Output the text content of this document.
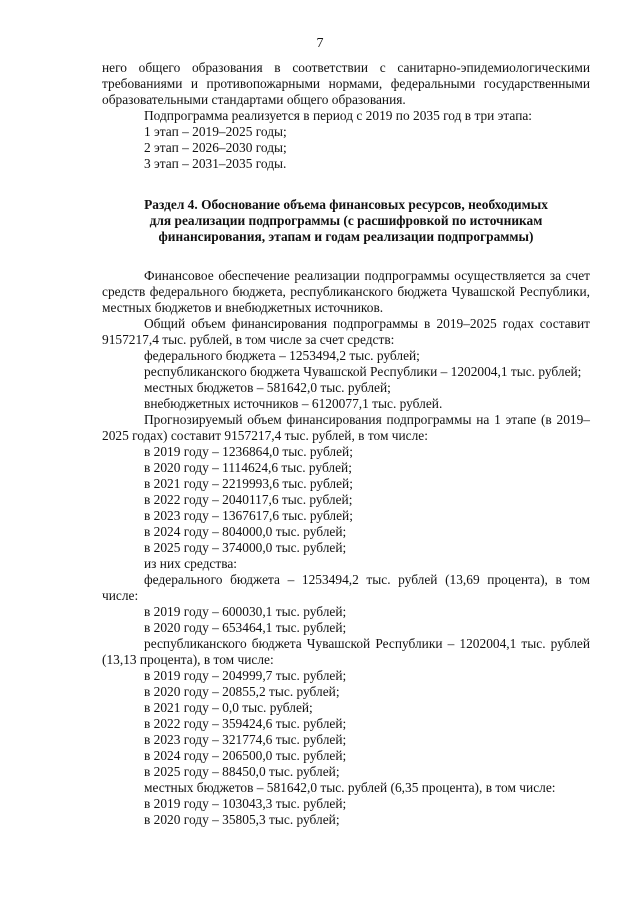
7

него общего образования в соответствии с санитарно-эпидемиологическими требованиями и противопожарными нормами, федеральными государственными образовательными стандартами общего образования.

Подпрограмма реализуется в период с 2019 по 2035 год в три этапа:

1 этап – 2019–2025 годы;

2 этап – 2026–2030 годы;

3 этап – 2031–2035 годы.

Раздел 4. Обоснование объема финансовых ресурсов, необходимых
для реализации подпрограммы (с расшифровкой по источникам
финансирования, этапам и годам реализации подпрограммы)

Финансовое обеспечение реализации подпрограммы осуществляется за счет средств федерального бюджета, республиканского бюджета Чувашской Республики, местных бюджетов и внебюджетных источников.

Общий объем финансирования подпрограммы в 2019–2025 годах составит 9157217,4 тыс. рублей, в том числе за счет средств:

федерального бюджета – 1253494,2 тыс. рублей;

республиканского бюджета Чувашской Республики – 1202004,1 тыс. рублей;

местных бюджетов – 581642,0 тыс. рублей;

внебюджетных источников – 6120077,1 тыс. рублей.

Прогнозируемый объем финансирования подпрограммы на 1 этапе (в 2019–2025 годах) составит 9157217,4 тыс. рублей, в том числе:

в 2019 году – 1236864,0 тыс. рублей;

в 2020 году – 1114624,6 тыс. рублей;

в 2021 году – 2219993,6 тыс. рублей;

в 2022 году – 2040117,6 тыс. рублей;

в 2023 году – 1367617,6 тыс. рублей;

в 2024 году – 804000,0 тыс. рублей;

в 2025 году – 374000,0 тыс. рублей;

из них средства:

федерального бюджета – 1253494,2 тыс. рублей (13,69 процента), в том числе:

в 2019 году – 600030,1 тыс. рублей;

в 2020 году – 653464,1 тыс. рублей;

республиканского бюджета Чувашской Республики – 1202004,1 тыс. рублей (13,13 процента), в том числе:

в 2019 году – 204999,7 тыс. рублей;

в 2020 году – 20855,2 тыс. рублей;

в 2021 году – 0,0 тыс. рублей;

в 2022 году – 359424,6 тыс. рублей;

в 2023 году – 321774,6 тыс. рублей;

в 2024 году – 206500,0 тыс. рублей;

в 2025 году – 88450,0 тыс. рублей;

местных бюджетов – 581642,0 тыс. рублей (6,35 процента), в том числе:

в 2019 году – 103043,3 тыс. рублей;

в 2020 году – 35805,3 тыс. рублей;
